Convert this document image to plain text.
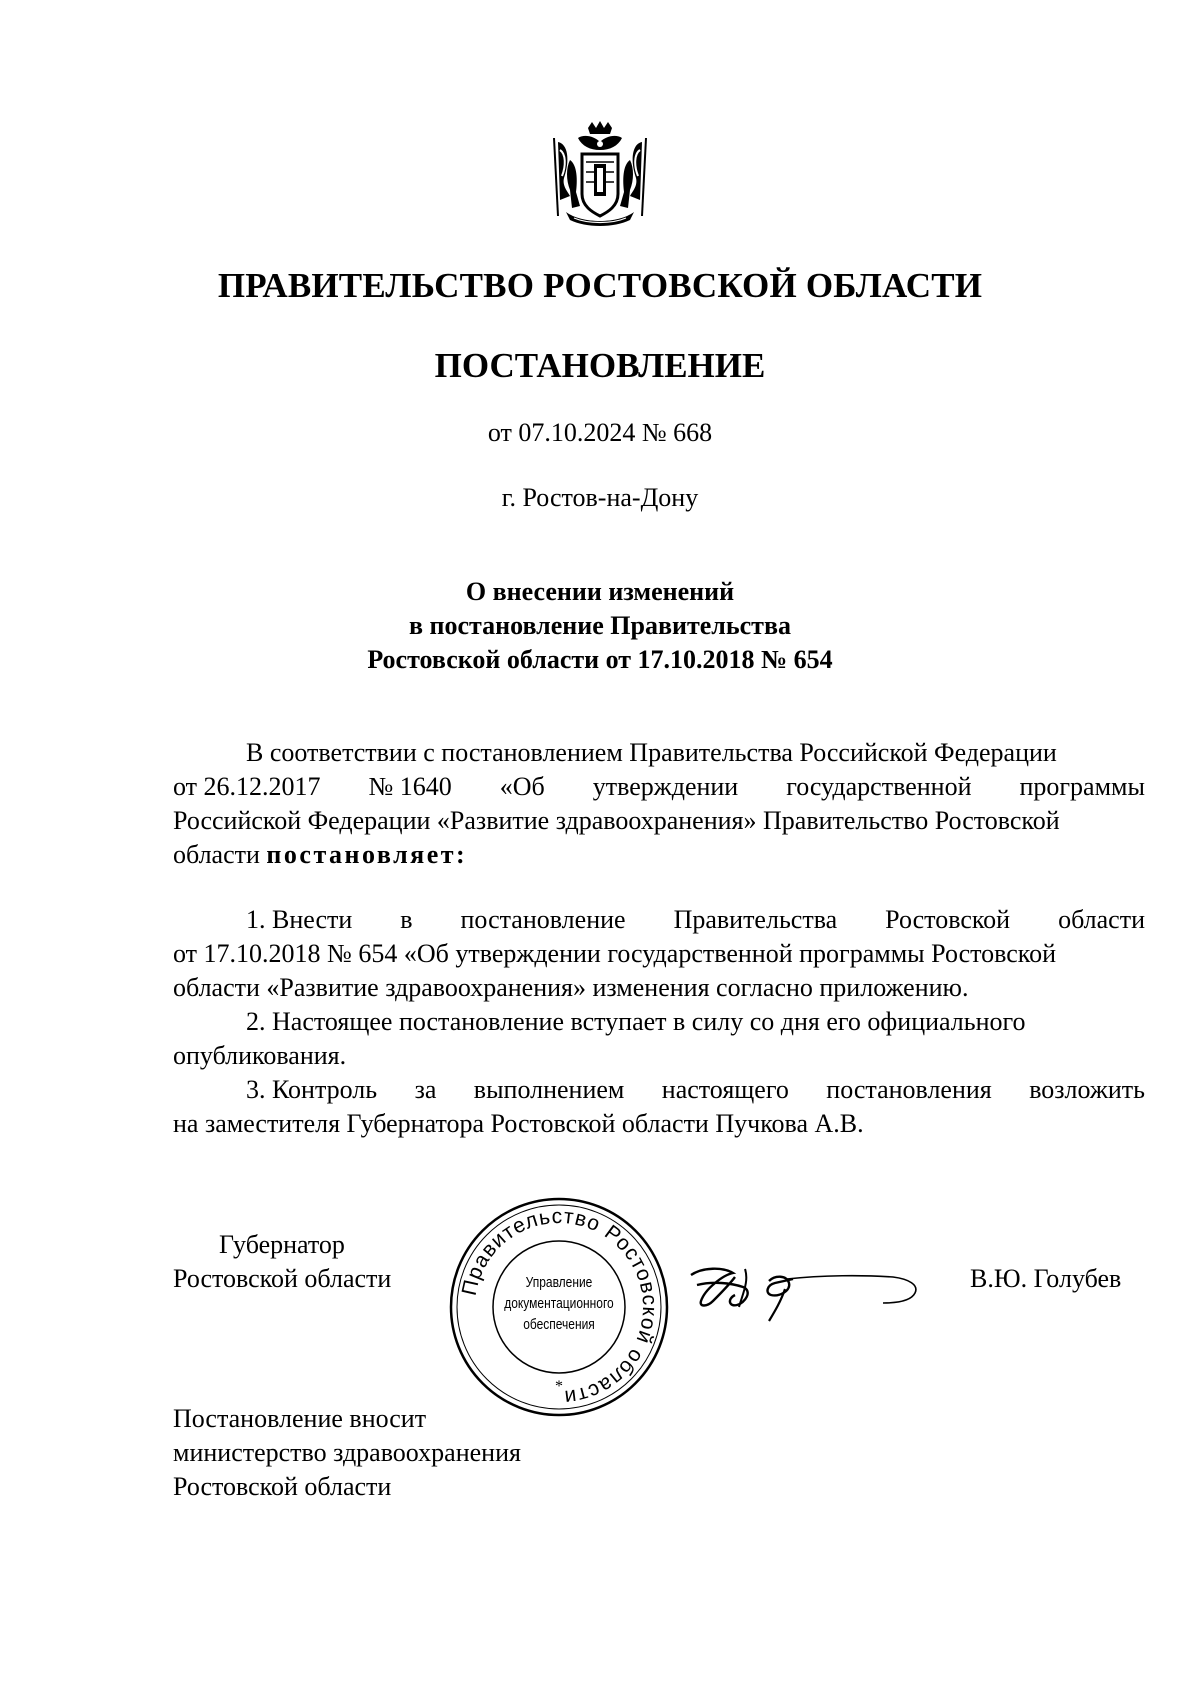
ПРАВИТЕЛЬСТВО РОСТОВСКОЙ ОБЛАСТИ
ПОСТАНОВЛЕНИЕ
от 07.10.2024 № 668
г. Ростов-на-Дону
О внесении изменений
в постановление Правительства
Ростовской области от 17.10.2018 № 654
В соответствии с постановлением Правительства Российской Федерации
от 26.12.2017 № 1640 «Об утверждении государственной программы
Российской Федерации «Развитие здравоохранения» Правительство Ростовской
области постановляет:
1. Внести в постановление Правительства Ростовской области
от 17.10.2018 № 654 «Об утверждении государственной программы Ростовской
области «Развитие здравоохранения» изменения согласно приложению.
2. Настоящее постановление вступает в силу со дня его официального
опубликования.
3. Контроль за выполнением настоящего постановления возложить
на заместителя Губернатора Ростовской области Пучкова А.В.
Губернатор
Ростовской области	Правительство Ростовской области
*
Управление
документационного
обеспечения
В.Ю. Голубев
Постановление вносит
министерство здравоохранения
Ростовской области
